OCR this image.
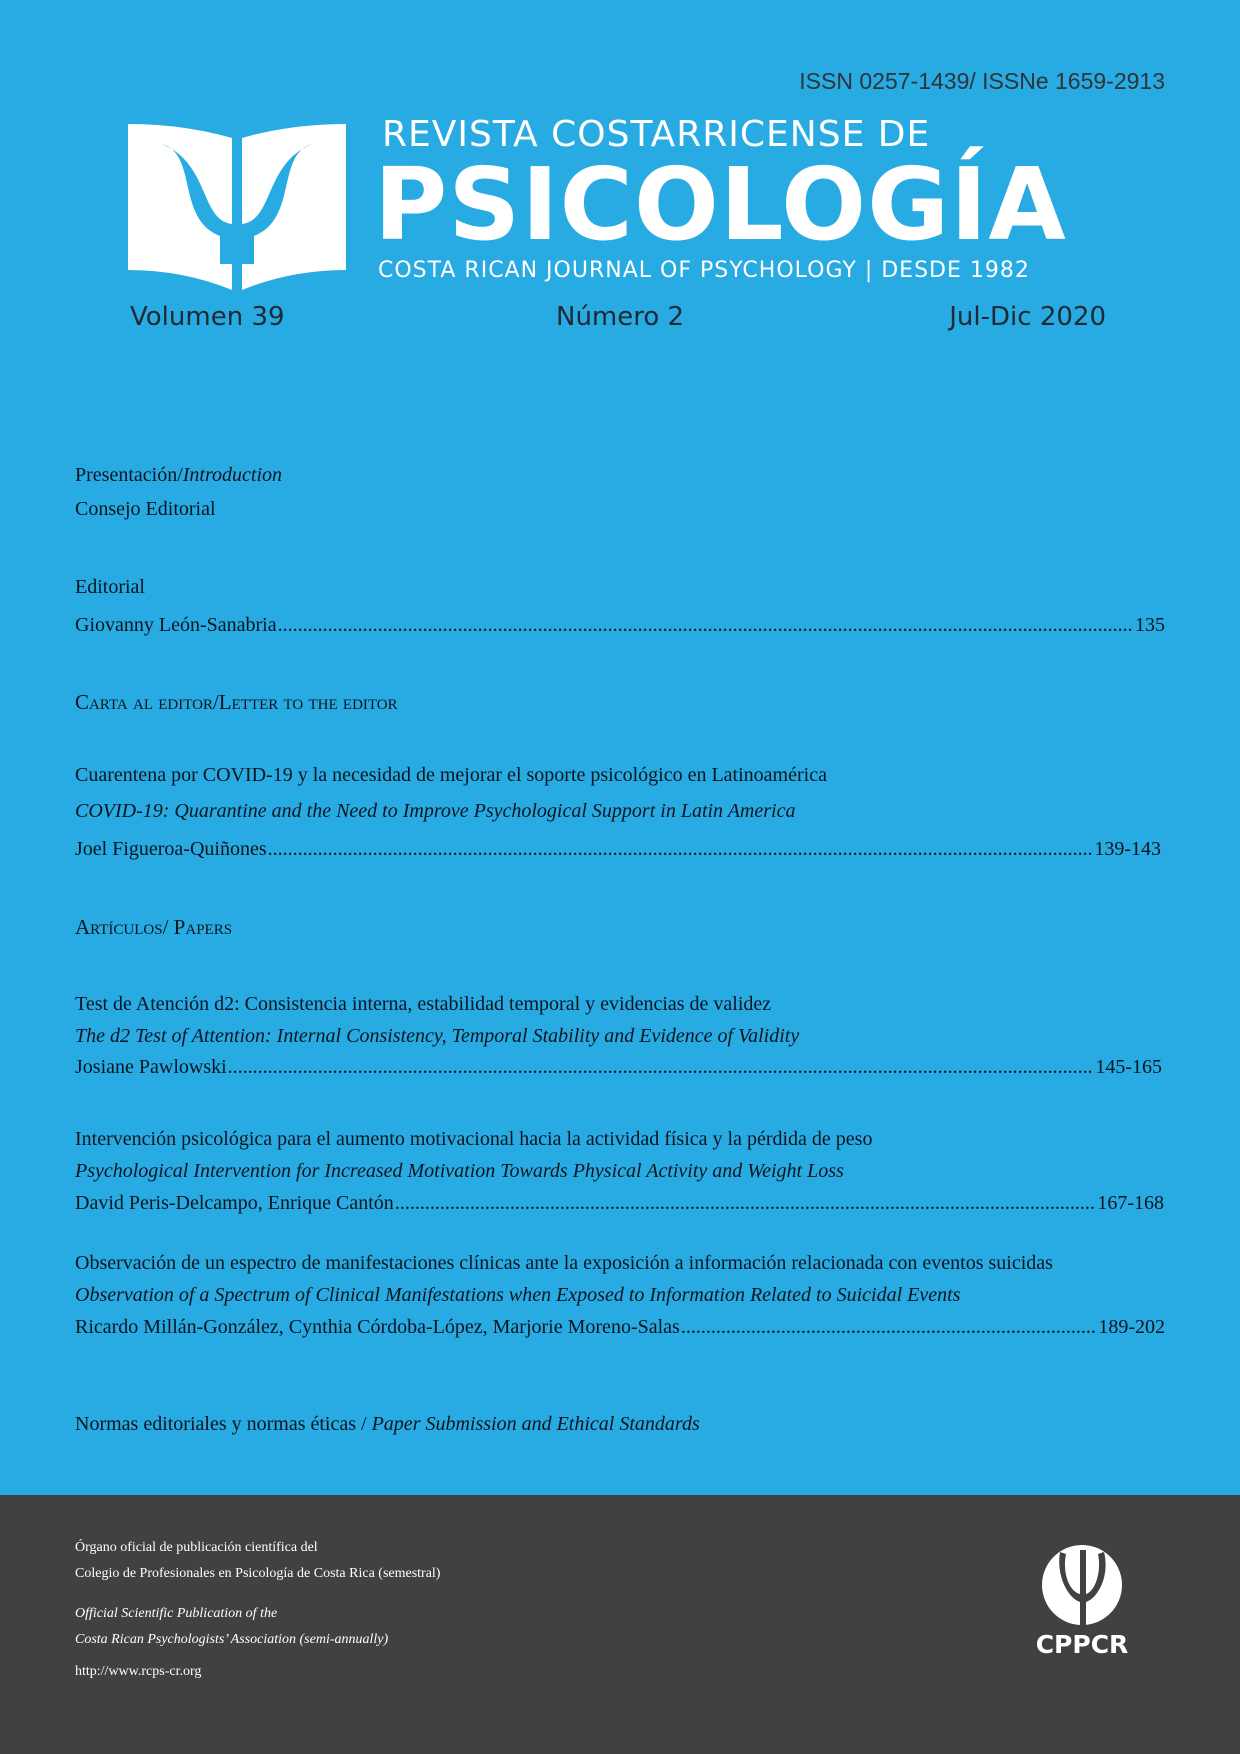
ISSN 0257-1439/ ISSNe 1659-2913
REVISTA COSTARRICENSE DE
PSICOLOGÍA
COSTA RICAN JOURNAL OF PSYCHOLOGY | DESDE 1982
Volumen 39	Número 2	Jul-Dic 2020
Presentación/Introduction
Consejo Editorial
Editorial
Giovanny León-Sanabria .....	135
Carta al editor/Letter to the editor
Cuarentena por COVID-19 y la necesidad de mejorar el soporte psicológico en Latinoamérica
COVID-19: Quarantine and the Need to Improve Psychological Support in Latin America
Joel Figueroa-Quiñones .....	139-143
Artículos/ Papers
Test de Atención d2: Consistencia interna, estabilidad temporal y evidencias de validez
The d2 Test of Attention: Internal Consistency, Temporal Stability and Evidence of Validity
Josiane Pawlowski .....	145-165
Intervención psicológica para el aumento motivacional hacia la actividad física y la pérdida de peso
Psychological Intervention for Increased Motivation Towards Physical Activity and Weight Loss
David Peris-Delcampo, Enrique Cantón .....	167-168
Observación de un espectro de manifestaciones clínicas ante la exposición a información relacionada con eventos suicidas
Observation of a Spectrum of Clinical Manifestations when Exposed to Information Related to Suicidal Events
Ricardo Millán-González, Cynthia Córdoba-López, Marjorie Moreno-Salas .....	189-202
Normas editoriales y normas éticas / Paper Submission and Ethical Standards
Órgano oficial de publicación científica del
Colegio de Profesionales en Psicología de Costa Rica (semestral)
Official Scientific Publication of the
Costa Rican Psychologists’ Association (semi-annually)
http://www.rcps-cr.org
CPPCR
